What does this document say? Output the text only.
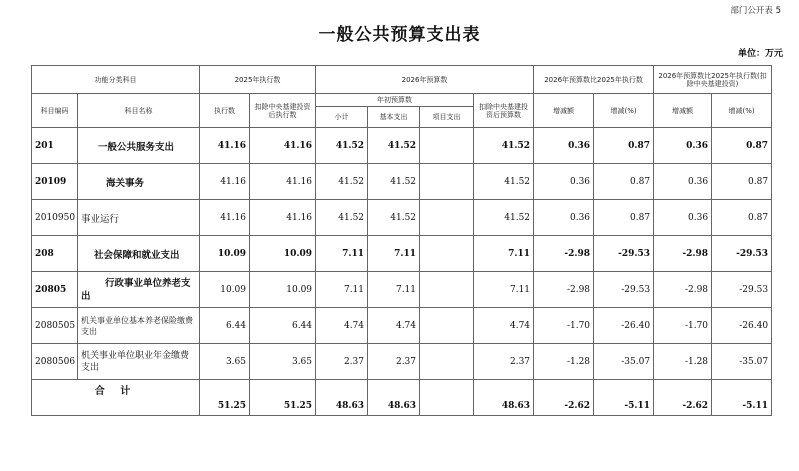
部门公开表 5
一般公共预算支出表
单位：万元
功能分类科目		2025年执行数		2026年预算数				2026年预算数比2025年执行数		2026年预算数比2025年执行数(扣除中央基建投资)	
科目编码	科目名称	执行数	扣除中央基建投资后执行数	年初预算数			扣除中央基建投资后预算数	增减额	增减(%)	增减额	增减(%)
				小计	基本支出	项目支出					
201	一般公共服务支出	41.16	41.16	41.52	41.52		41.52	0.36	0.87	0.36	0.87
20109	海关事务	41.16	41.16	41.52	41.52		41.52	0.36	0.87	0.36	0.87
2010950	事业运行	41.16	41.16	41.52	41.52		41.52	0.36	0.87	0.36	0.87
208	社会保障和就业支出	10.09	10.09	7.11	7.11		7.11	-2.98	-29.53	-2.98	-29.53
20805	行政事业单位养老支出	10.09	10.09	7.11	7.11		7.11	-2.98	-29.53	-2.98	-29.53
2080505	机关事业单位基本养老保险缴费支出	6.44	6.44	4.74	4.74		4.74	-1.70	-26.40	-1.70	-26.40
2080506	机关事业单位职业年金缴费支出	3.65	3.65	2.37	2.37		2.37	-1.28	-35.07	-1.28	-35.07
合 计		51.25	51.25	48.63	48.63		48.63	-2.62	-5.11	-2.62	-5.11
